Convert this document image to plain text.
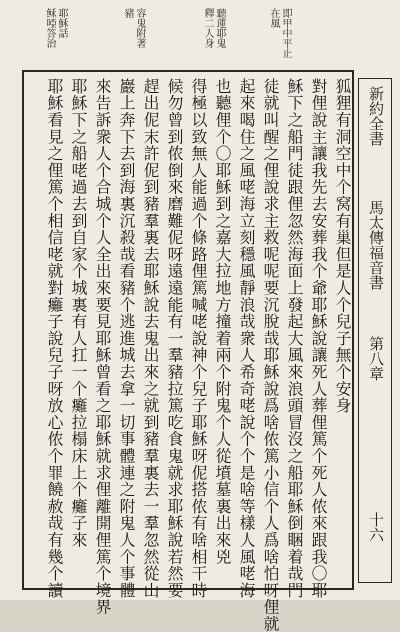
即甲中平止
在風
聽蓮耶鬼
釋二人身
容鬼附著
豬
耶穌話
稣啞答治
新約全書
馬太傳福音書
第八章
十六
狐狸有洞空中个窝有巢但是人个兒子無个安身
對俚說主讓我先去安葬我个爺耶穌說讓死人葬俚篤个死人侬來跟我〇耶
穌下之船門徒跟俚忽然海面上發起大風來浪頭冒沒之船耶穌倒睏着哉門
徒就叫醒之俚說求主救呢呢要沉脫哉耶穌說爲啥侬篤小信个人爲啥怕呀俚就
起來喝住之風咾海立刻穩風靜浪哉衆人希奇咾說个个是啥等樣人風咾海
也聽俚个〇耶穌到之嘉大拉地方撞着兩个附鬼个人從墳墓裏出來兇
得極以致無人能過个條路俚篤喊咾說神个兒子耶穌呀伲搭侬有啥相干時
候勿曾到侬倒來磨難伲呀遠遠能有一羣豬拉篤吃食鬼就求耶穌說若然要
趕出伲末許伲到豬羣裏去耶穌說去鬼出來之就到豬羣裏去一羣忽然從山
巖上奔下去到海裏沉殺哉看豬个逃進城去拿一切事體連之附鬼人个事體
來告訴衆人个合城个人全出來要見耶穌曾看之耶穌就求俚離開俚篤个境界
耶穌下之船咾過去到自家个城裏有人扛一个癱拉榻床上个癱子來
耶穌看見之俚篤个相信咾就對癱子說兒子呀放心侬个罪饒赦哉有幾个讀
